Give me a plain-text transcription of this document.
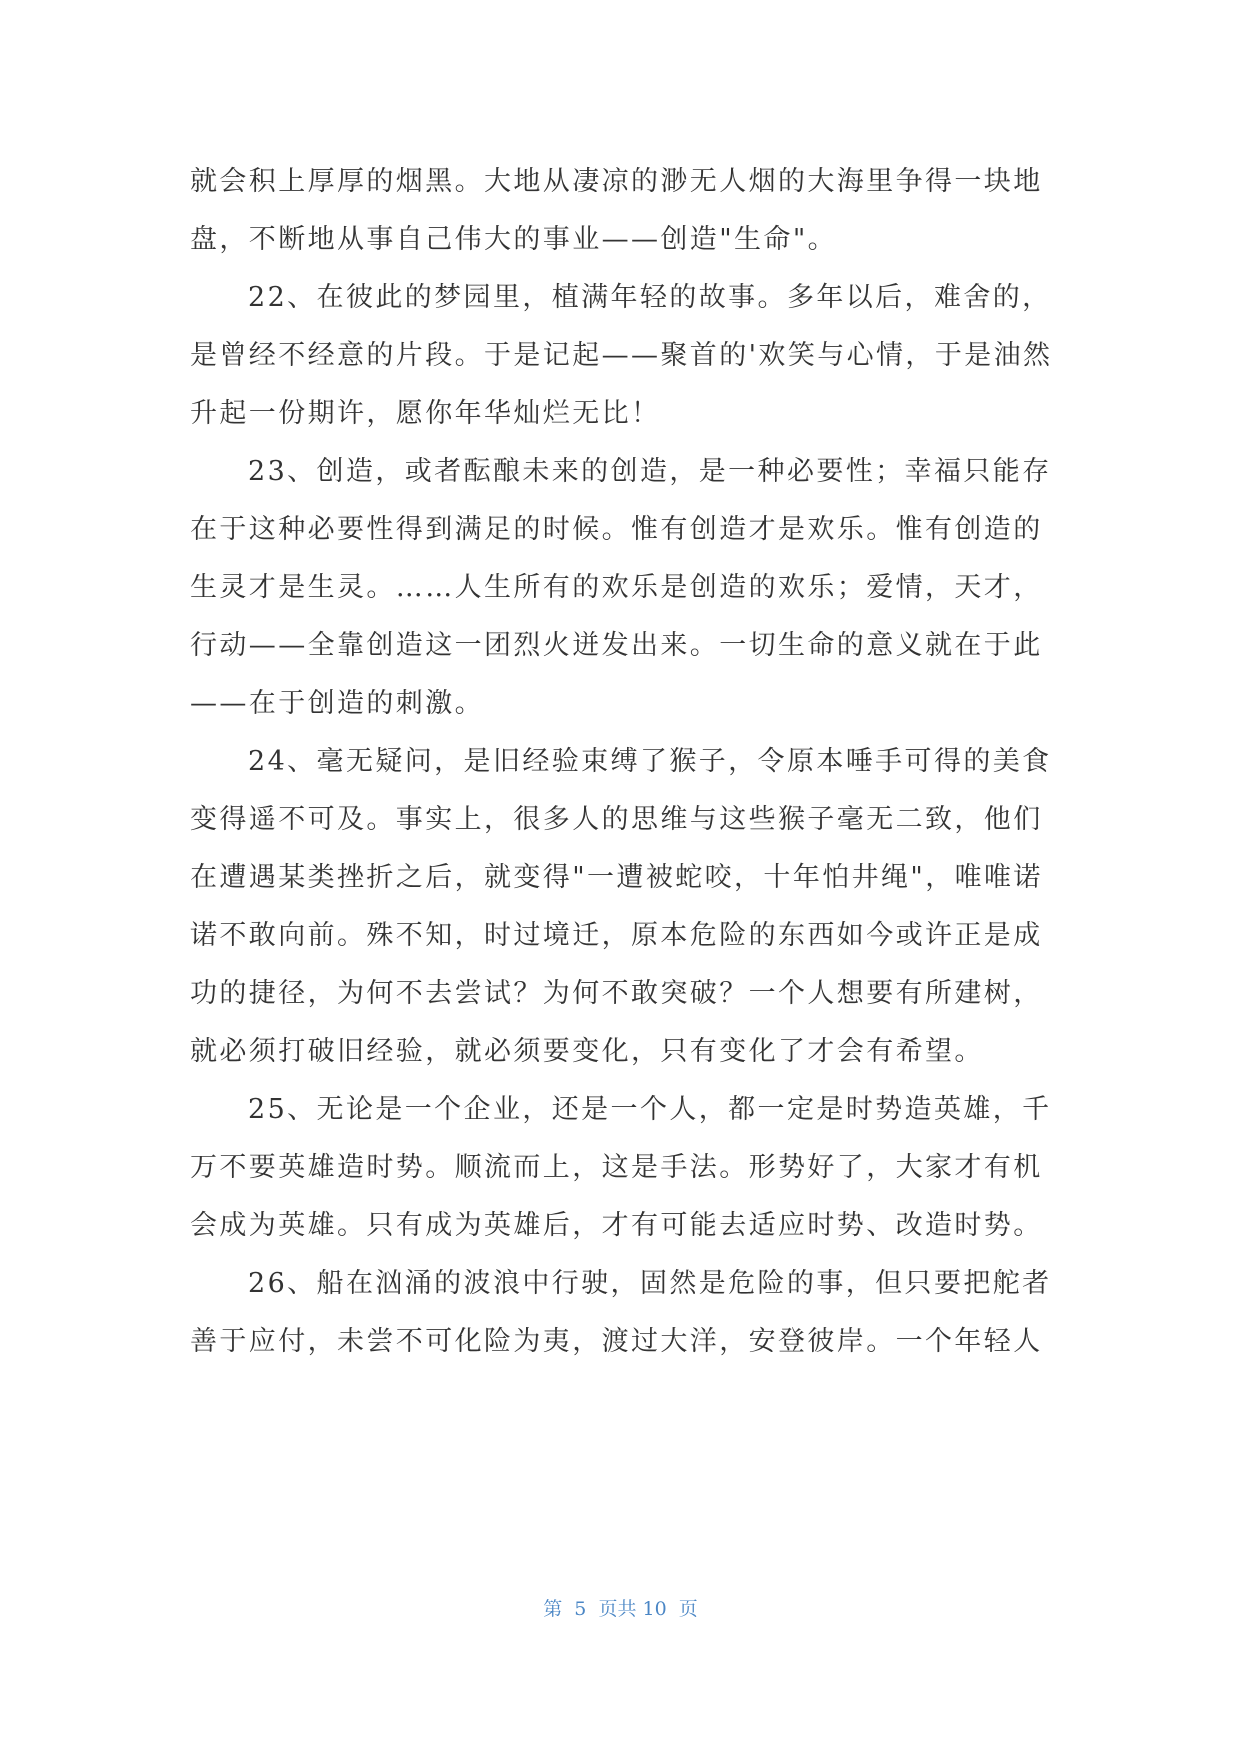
就会积上厚厚的烟黑。大地从凄凉的渺无人烟的大海里争得一块地
盘，不断地从事自己伟大的事业——创造"生命"。
22、在彼此的梦园里，植满年轻的故事。多年以后，难舍的，
是曾经不经意的片段。于是记起——聚首的'欢笑与心情，于是油然
升起一份期许，愿你年华灿烂无比！
23、创造，或者酝酿未来的创造，是一种必要性；幸福只能存
在于这种必要性得到满足的时候。惟有创造才是欢乐。惟有创造的
生灵才是生灵。……人生所有的欢乐是创造的欢乐；爱情，天才，
行动——全靠创造这一团烈火迸发出来。一切生命的意义就在于此
——在于创造的刺激。
24、毫无疑问，是旧经验束缚了猴子，令原本唾手可得的美食
变得遥不可及。事实上，很多人的思维与这些猴子毫无二致，他们
在遭遇某类挫折之后，就变得"一遭被蛇咬，十年怕井绳"，唯唯诺
诺不敢向前。殊不知，时过境迁，原本危险的东西如今或许正是成
功的捷径，为何不去尝试？为何不敢突破？一个人想要有所建树，
就必须打破旧经验，就必须要变化，只有变化了才会有希望。
25、无论是一个企业，还是一个人，都一定是时势造英雄，千
万不要英雄造时势。顺流而上，这是手法。形势好了，大家才有机
会成为英雄。只有成为英雄后，才有可能去适应时势、改造时势。
26、船在汹涌的波浪中行驶，固然是危险的事，但只要把舵者
善于应付，未尝不可化险为夷，渡过大洋，安登彼岸。一个年轻人
第  5  页共 10  页
